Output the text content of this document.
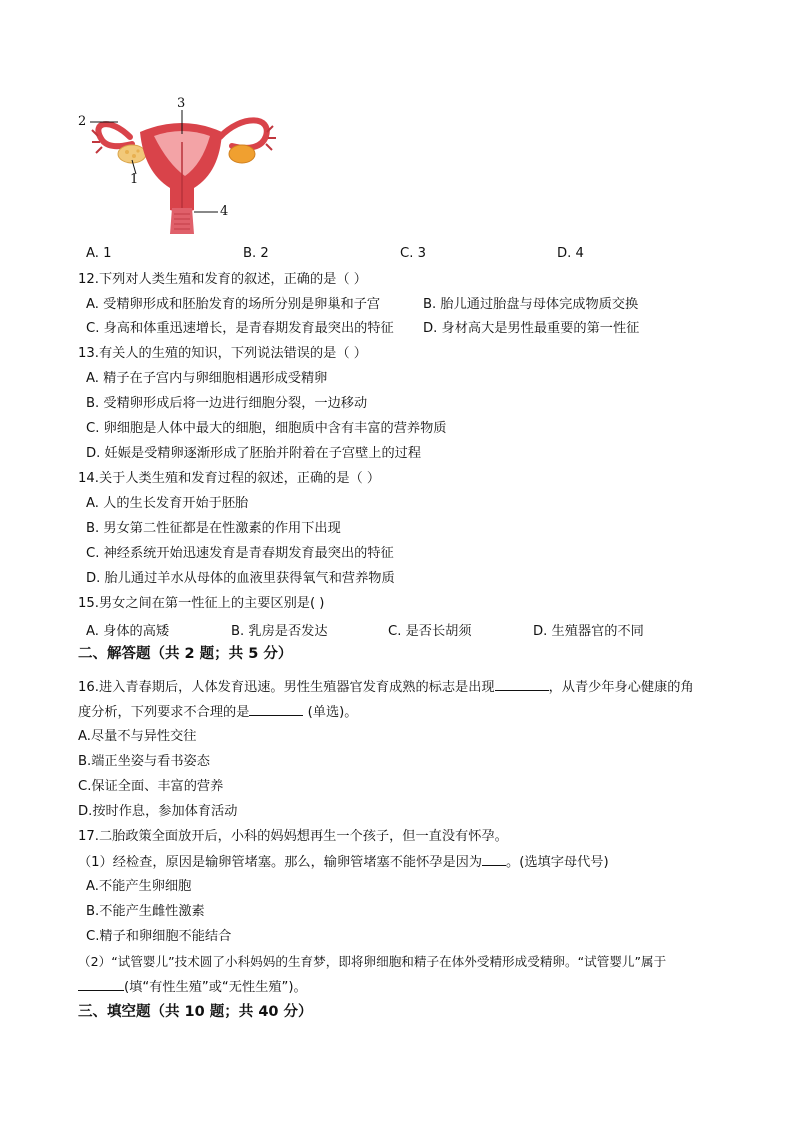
2
3
1
4
A. 1	B. 2	C. 3	D. 4
12.下列对人类生殖和发育的叙述，正确的是（ ）
A. 受精卵形成和胚胎发育的场所分别是卵巢和子宫	B. 胎儿通过胎盘与母体完成物质交换
C. 身高和体重迅速增长，是青春期发育最突出的特征 D. 身材高大是男性最重要的第一性征
13.有关人的生殖的知识，下列说法错误的是（ ）
A. 精子在子宫内与卵细胞相遇形成受精卵
B. 受精卵形成后将一边进行细胞分裂，一边移动
C. 卵细胞是人体中最大的细胞，细胞质中含有丰富的营养物质
D. 妊娠是受精卵逐渐形成了胚胎并附着在子宫壁上的过程
14.关于人类生殖和发育过程的叙述，正确的是（ ）
A. 人的生长发育开始于胚胎
B. 男女第二性征都是在性激素的作用下出现
C. 神经系统开始迅速发育是青春期发育最突出的特征
D. 胎儿通过羊水从母体的血液里获得氧气和营养物质
15.男女之间在第一性征上的主要区别是( )
A. 身体的高矮	B. 乳房是否发达	C. 是否长胡须	D. 生殖器官的不同
二、解答题（共 2 题；共 5 分）
16.进入青春期后，人体发育迅速。男性生殖器官发育成熟的标志是出现	，从青少年身心健康的角
度分析，下列要求不合理的是	(单选)。
A.尽量不与异性交往
B.端正坐姿与看书姿态
C.保证全面、丰富的营养
D.按时作息，参加体育活动
17.二胎政策全面放开后，小科的妈妈想再生一个孩子，但一直没有怀孕。
（1）经检查，原因是输卵管堵塞。那么，输卵管堵塞不能怀孕是因为 。(选填字母代号)
A.不能产生卵细胞
B.不能产生雌性激素
C.精子和卵细胞不能结合
（2）“试管婴儿”技术圆了小科妈妈的生育梦，即将卵细胞和精子在体外受精形成受精卵。“试管婴儿”属于
(填“有性生殖”或“无性生殖”)。
三、填空题（共 10 题；共 40 分）
